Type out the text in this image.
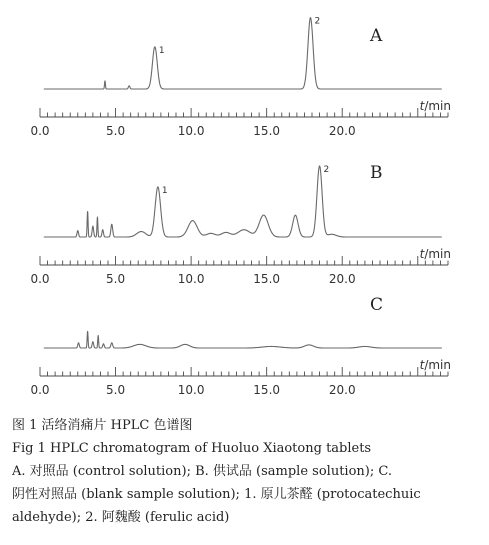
0.0	5.0	10.0	15.0	20.0
t/min
A
1
2
0.0	5.0	10.0	15.0	20.0
t/min
B
1
2
0.0	5.0	10.0	15.0	20.0
t/min
C
图 1 活络消痛片 HPLC 色谱图
Fig 1 HPLC chromatogram of Huoluo Xiaotong tablets
A. 对照品 (control solution); B. 供试品 (sample solution); C.
阴性对照品 (blank sample solution); 1. 原儿茶醛 (protocatechuic
aldehyde); 2. 阿魏酸 (ferulic acid)
